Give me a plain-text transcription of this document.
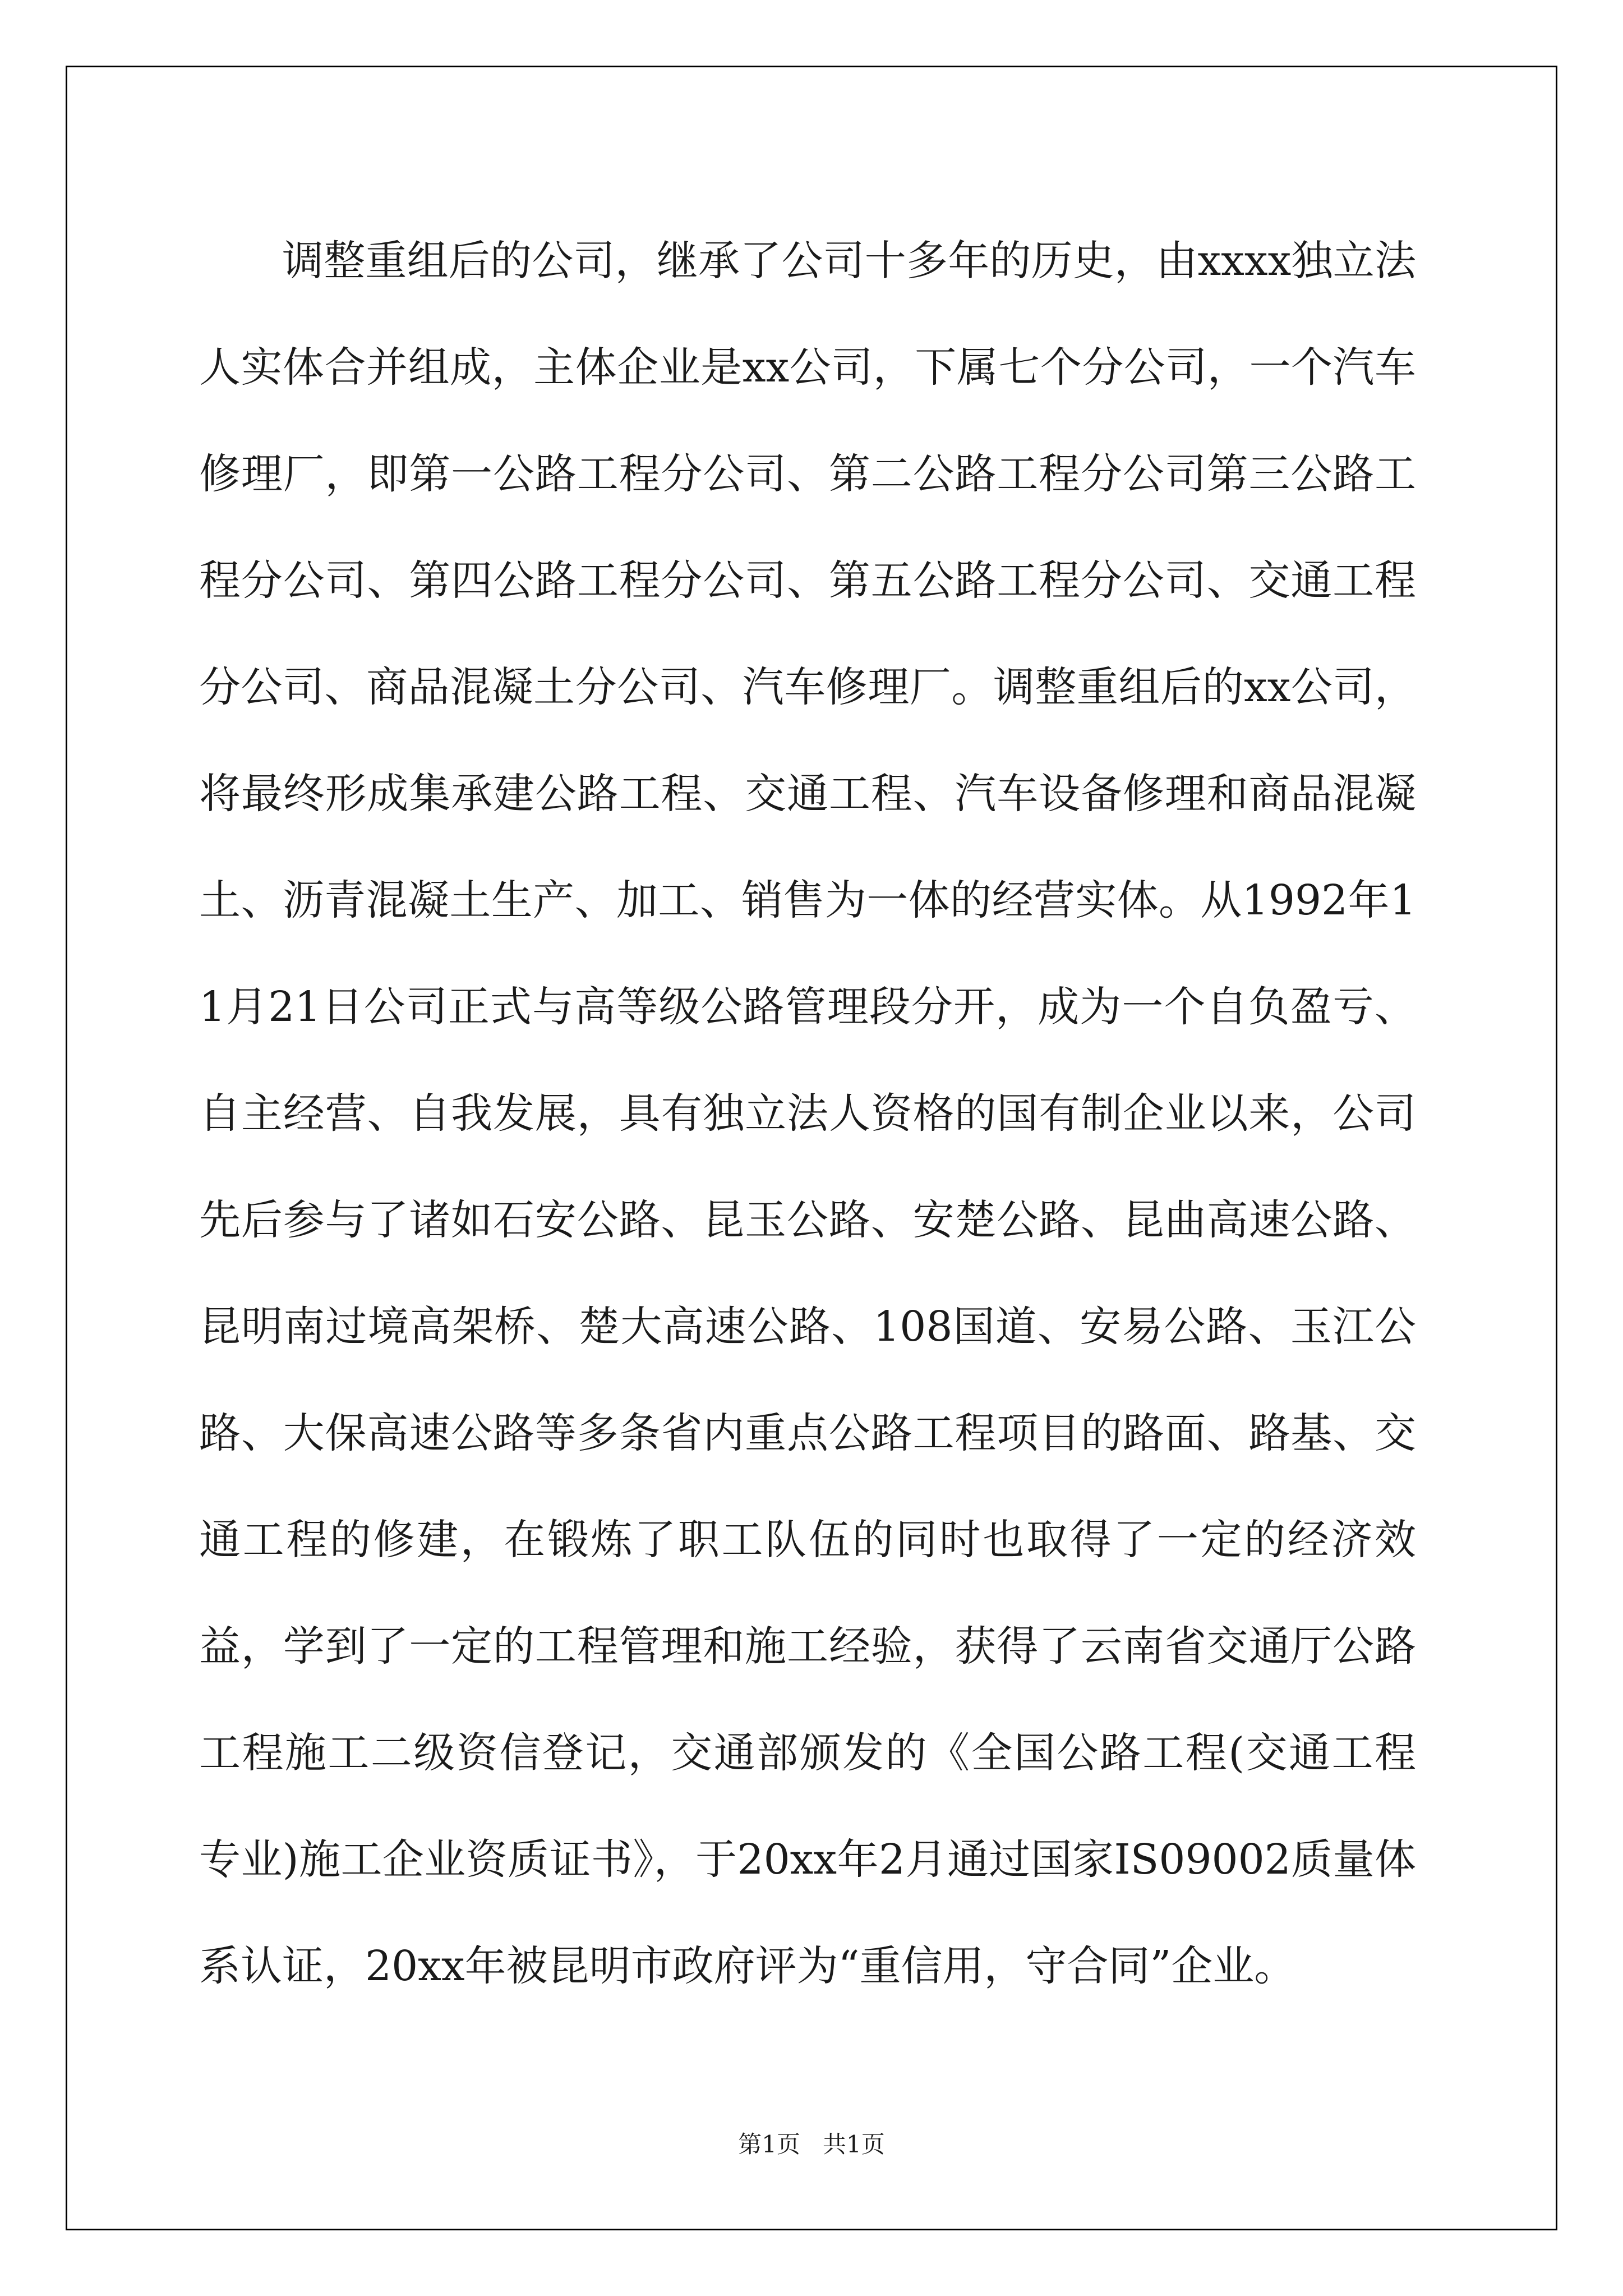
调整重组后的公司，继承了公司十多年的历史，由xxxx独立法人实体合并组成，主体企业是xx公司，下属七个分公司，一个汽车修理厂，即第一公路工程分公司、第二公路工程分公司第三公路工程分公司、第四公路工程分公司、第五公路工程分公司、交通工程分公司、商品混凝土分公司、汽车修理厂。调整重组后的xx公司，将最终形成集承建公路工程、交通工程、汽车设备修理和商品混凝土、沥青混凝土生产、加工、销售为一体的经营实体。从1992年11月21日公司正式与高等级公路管理段分开，成为一个自负盈亏、自主经营、自我发展，具有独立法人资格的国有制企业以来，公司先后参与了诸如石安公路、昆玉公路、安楚公路、昆曲高速公路、昆明南过境高架桥、楚大高速公路、108国道、安易公路、玉江公路、大保高速公路等多条省内重点公路工程项目的路面、路基、交通工程的修建，在锻炼了职工队伍的同时也取得了一定的经济效益，学到了一定的工程管理和施工经验，获得了云南省交通厅公路工程施工二级资信登记，交通部颁发的《全国公路工程(交通工程专业)施工企业资质证书》，于20xx年2月通过国家IS09002质量体系认证，20xx年被昆明市政府评为“重信用，守合同”企业。

第1页   共1页
